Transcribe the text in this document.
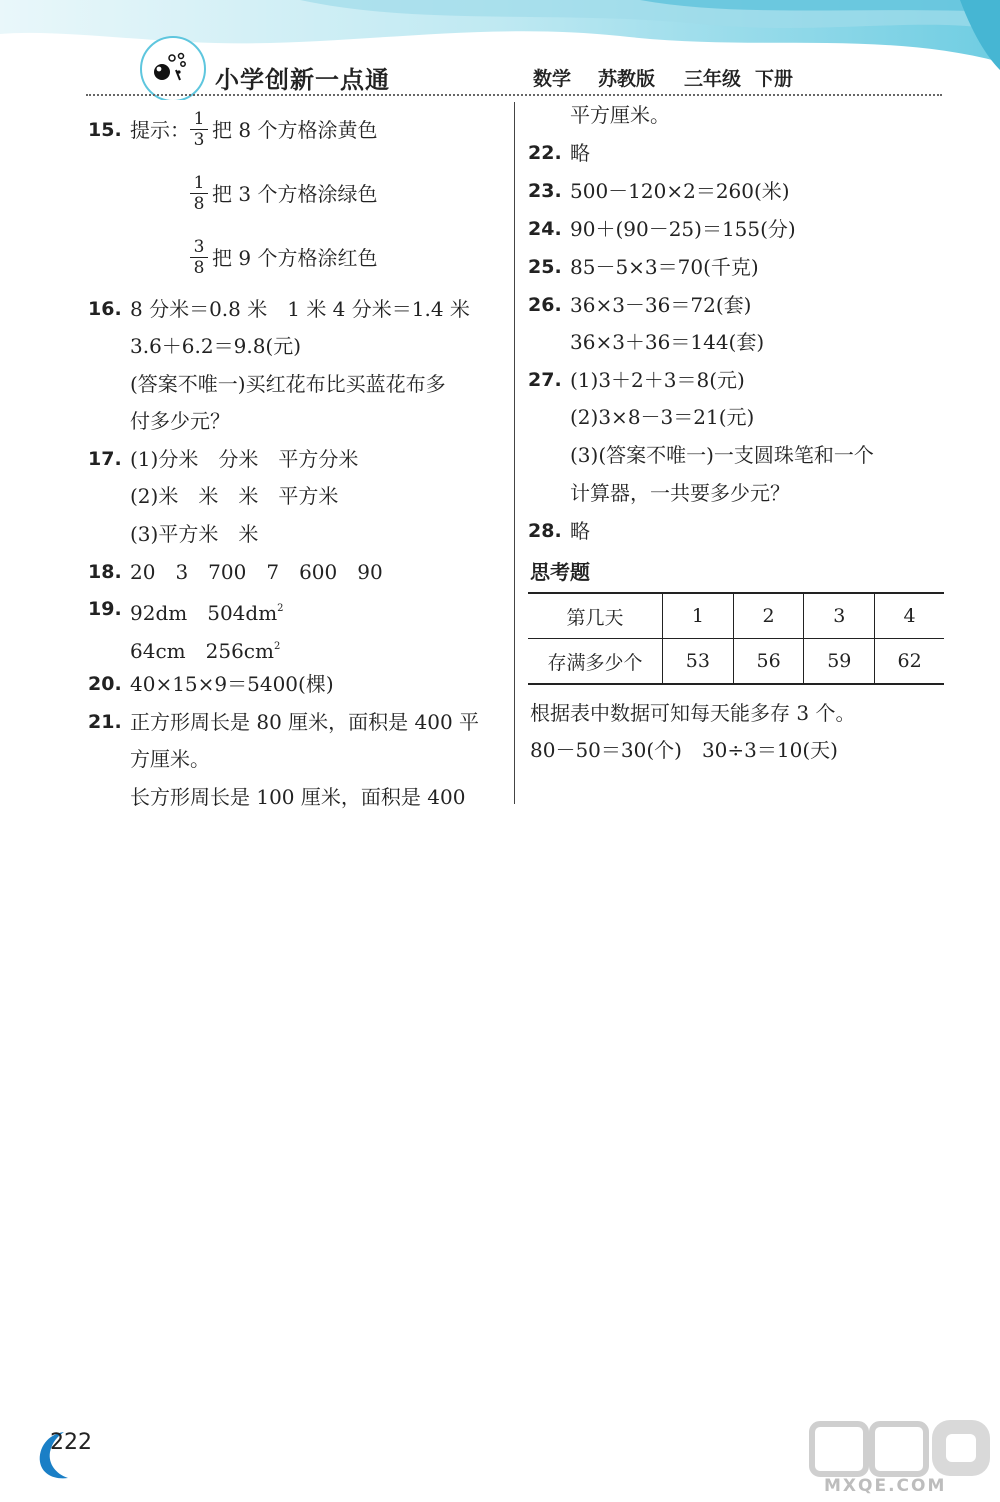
小学创新一点通	数学 苏教版 三年级 下册
15. 提示： $\frac{1}{3}$ 把 8 个方格涂黄色
$\frac{1}{8}$ 把 3 个方格涂绿色
$\frac{3}{8}$ 把 9 个方格涂红色
16. 8 分米＝0.8 米　1 米 4 分米＝1.4 米
3.6＋6.2＝9.8(元)
(答案不唯一)买红花布比买蓝花布多
付多少元？
17. (1)分米　分米　平方分米
(2)米　米　米　平方米
(3)平方米　米
18. 20　3　700　7　600　90
19. 92dm　$504dm^2$
64cm　$256cm^2$
20. 40×15×9＝5400(棵)
21. 正方形周长是 80 厘米，面积是 400 平
方厘米。
长方形周长是 100 厘米，面积是 400
平方厘米。
22. 略
23. 500－120×2＝260(米)
24. 90＋(90－25)＝155(分)
25. 85－5×3＝70(千克)
26. 36×3－36＝72(套)
36×3＋36＝144(套)
27. (1)3＋2＋3＝8(元)
(2)3×8－3＝21(元)
(3)(答案不唯一)一支圆珠笔和一个
计算器，一共要多少元？
28. 略
思考题
第几天	1	2	3	4
存满多少个	53	56	59	62
根据表中数据可知每天能多存 3 个。
80－50＝30(个)　30÷3＝10(天)
222
MXQE.COM
